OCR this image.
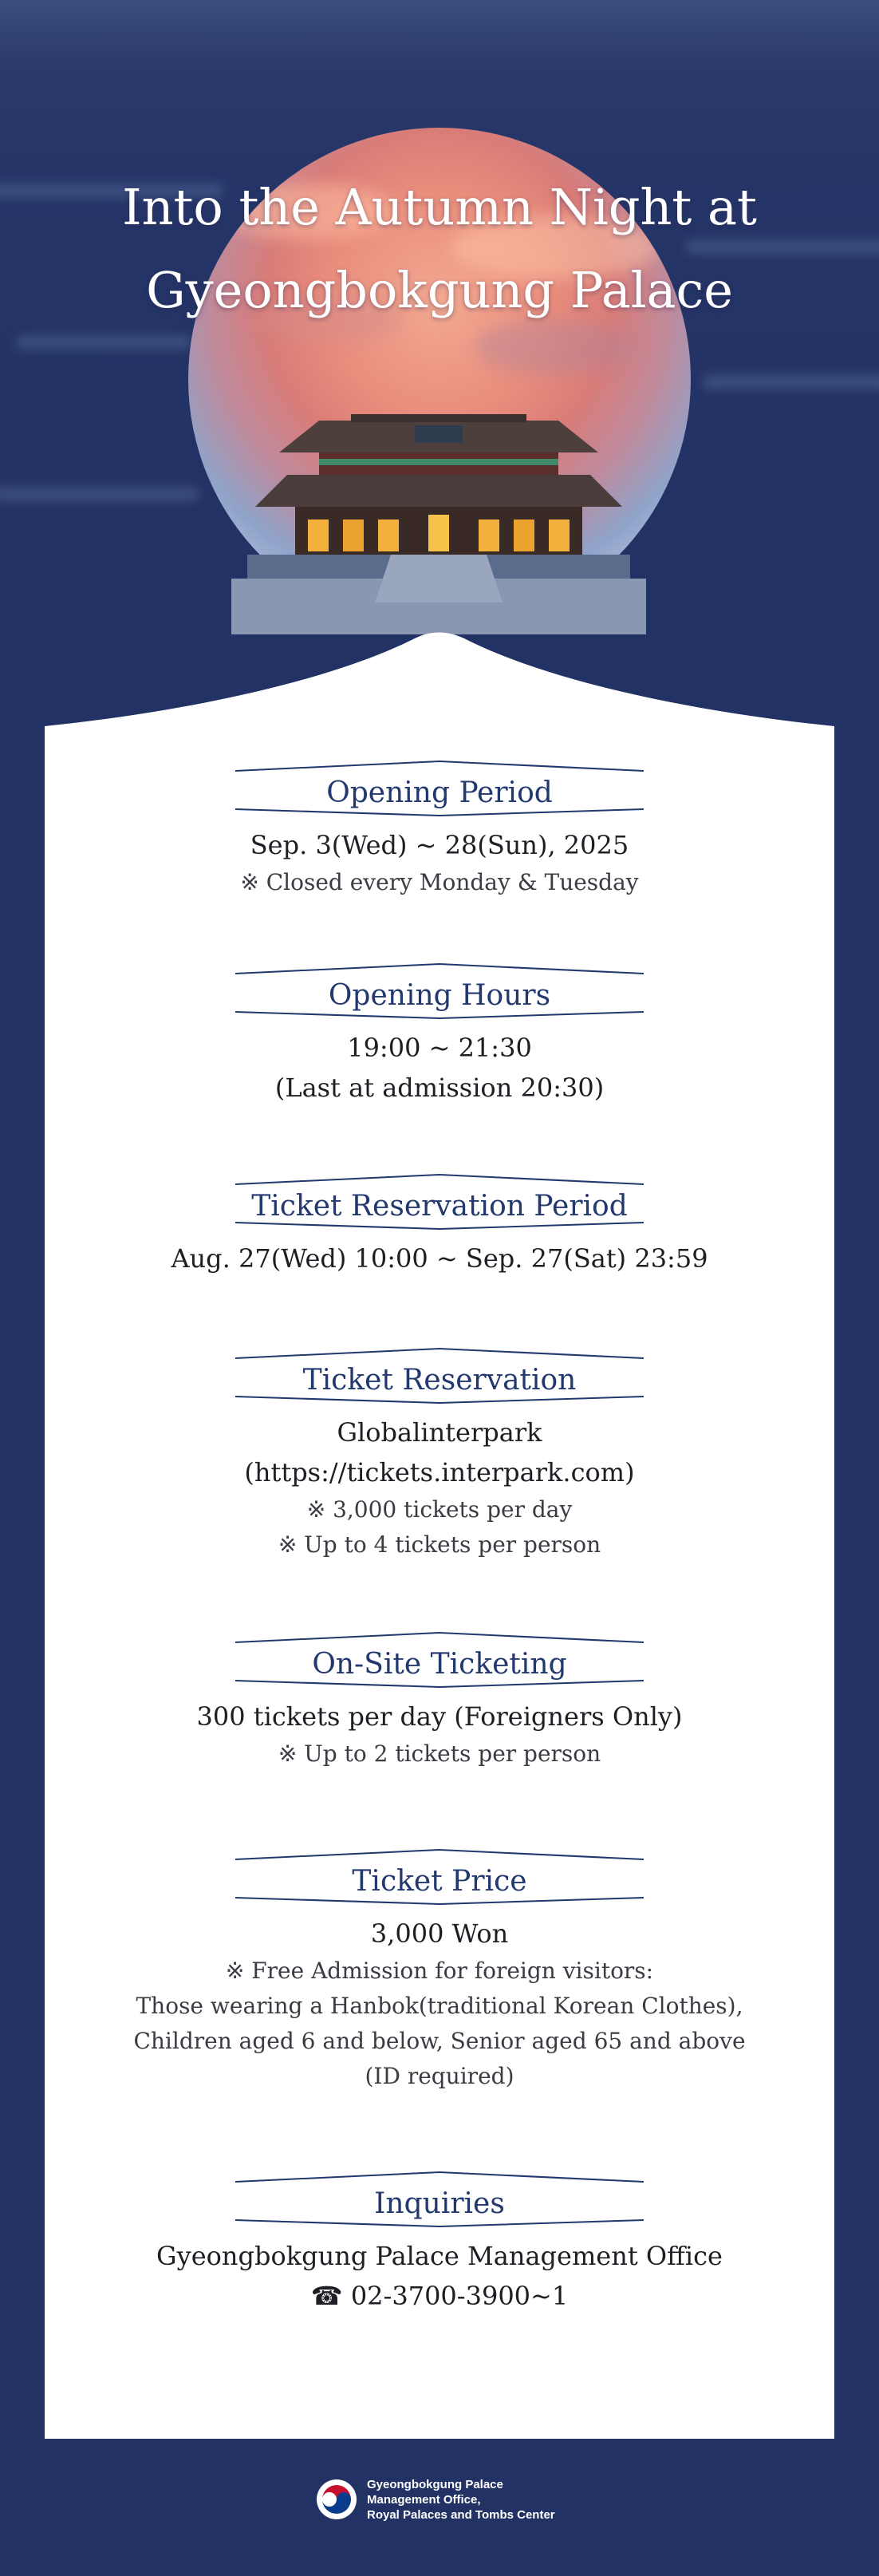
Into the Autumn Night at
Gyeongbokgung Palace
Opening Period
Sep. 3(Wed) ~ 28(Sun), 2025
※ Closed every Monday & Tuesday
Opening Hours
19:00 ~ 21:30
(Last at admission 20:30)
Ticket Reservation Period
Aug. 27(Wed) 10:00 ~ Sep. 27(Sat) 23:59
Ticket Reservation
Globalinterpark
(https://tickets.interpark.com)
※ 3,000 tickets per day
※ Up to 4 tickets per person
On-Site Ticketing
300 tickets per day (Foreigners Only)
※ Up to 2 tickets per person
Ticket Price
3,000 Won
※ Free Admission for foreign visitors:
Those wearing a Hanbok(traditional Korean Clothes),
Children aged 6 and below, Senior aged 65 and above
(ID required)
Inquiries
Gyeongbokgung Palace Management Office
☎ 02-3700-3900~1
Gyeongbokgung Palace
Management Office,
Royal Palaces and Tombs Center
